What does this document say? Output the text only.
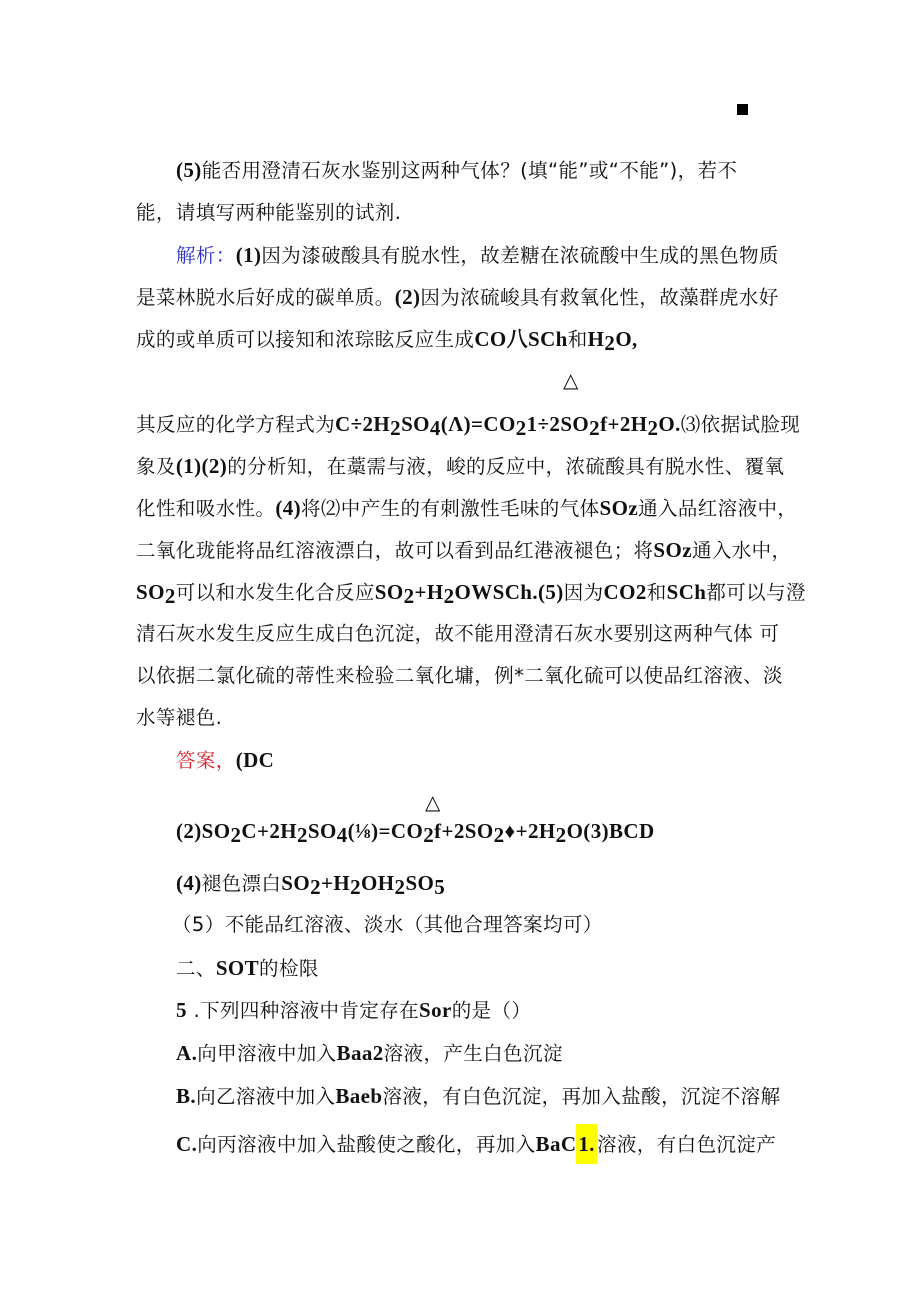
(5)能否用澄清石灰水鉴别这两种气体？(填“能”或“不能”)，若不
能，请填写两种能鉴别的试剂.
解析：(1)因为漆破酸具有脱水性，故差糖在浓硫酸中生成的黑色物质
是菜林脱水后好成的碳单质。(2)因为浓硫峻具有救氧化性，故藻群虎水好
成的或单质可以接知和浓琮眩反应生成CO八SCh和$H_2O$,
△
其反应的化学方程式为$C\div 2H_2SO_4(\Lambda)=CO_21\div 2SO_2f+2H_2O.⑶$依据试脸现
象及(1)(2)的分析知，在藁需与液，峻的反应中，浓硫酸具有脱水性、覆氧
化性和吸水性。(4)将⑵中产生的有刺激性毛味的气体SOz通入品红溶液中，
二氧化珑能将品红溶液漂白，故可以看到品红港液褪色；将SOz通入水中，
$SO_2$可以和水发生化合反应$SO_2+H_2OWSCh.(5)$因为CO2和SCh都可以与澄
清石灰水发生反应生成白色沉淀，故不能用澄清石灰水要别这两种气体 可
以依据二氯化硫的蒂性来检验二氧化墉，例*二氧化硫可以使品红溶液、淡
水等褪色.
答案，(DC
△
$(2)SO_2C+2H_2SO_4(\frac{1}{8})=CO_2f+2SO_2♦+2H_2O(3)BCD$
(4)褪色漂白$SO_2+H_2OH_2SO_5$
（5）不能品红溶液、淡水（其他合理答案均可）
二、SOT的检限
5 .下列四种溶液中肯定存在Sor的是（）
A.向甲溶液中加入Baa2溶液，产生白色沉淀
B.向乙溶液中加入Baeb溶液，有白色沉淀，再加入盐酸，沉淀不溶解
C.向丙溶液中加入盐酸使之酸化，再加入BaC1. 溶液，有白色沉淀产
